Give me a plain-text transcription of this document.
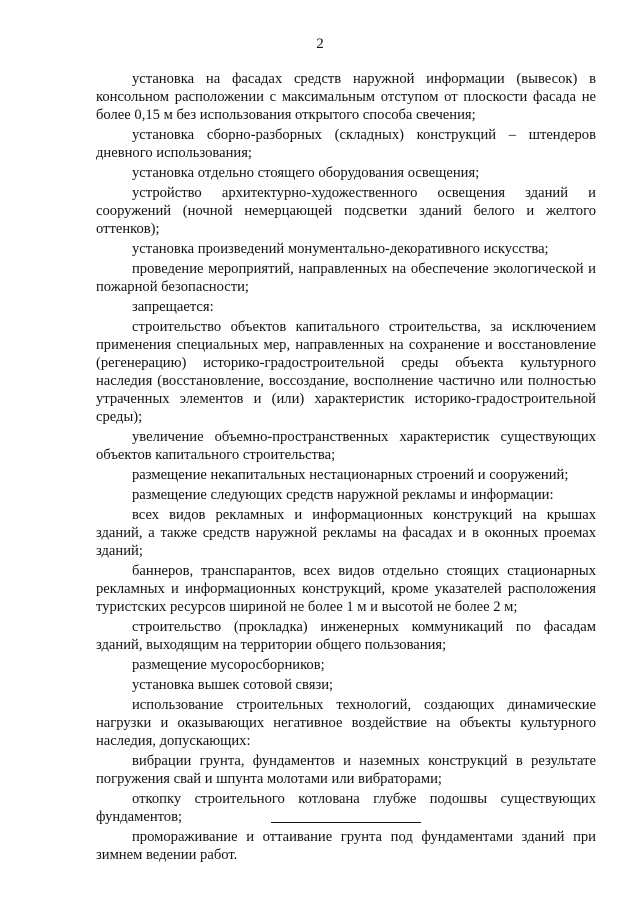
2

установка на фасадах средств наружной информации (вывесок) в консольном расположении с максимальным отступом от плоскости фасада не более 0,15 м без использования открытого способа свечения;

установка сборно-разборных (складных) конструкций – штендеров дневного использования;

установка отдельно стоящего оборудования освещения;

устройство архитектурно-художественного освещения зданий и сооружений (ночной немерцающей подсветки зданий белого и желтого оттенков);

установка произведений монументально-декоративного искусства;

проведение мероприятий, направленных на обеспечение экологической и пожарной безопасности;

запрещается:

строительство объектов капитального строительства, за исключением применения специальных мер, направленных на сохранение и восстановление (регенерацию) историко-градостроительной среды объекта культурного наследия (восстановление, воссоздание, восполнение частично или полностью утраченных элементов и (или) характеристик историко-градостроительной среды);

увеличение объемно-пространственных характеристик существующих объектов капитального строительства;

размещение некапитальных нестационарных строений и сооружений;

размещение следующих средств наружной рекламы и информации:

всех видов рекламных и информационных конструкций на крышах зданий, а также средств наружной рекламы на фасадах и в оконных проемах зданий;

баннеров, транспарантов, всех видов отдельно стоящих стационарных рекламных и информационных конструкций, кроме указателей расположения туристских ресурсов шириной не более 1 м и высотой не более 2 м;

строительство (прокладка) инженерных коммуникаций по фасадам зданий, выходящим на территории общего пользования;

размещение мусоросборников;

установка вышек сотовой связи;

использование строительных технологий, создающих динамические нагрузки и оказывающих негативное воздействие на объекты культурного наследия, допускающих:

вибрации грунта, фундаментов и наземных конструкций в результате погружения свай и шпунта молотами или вибраторами;

откопку строительного котлована глубже подошвы существующих фундаментов;

промораживание и оттаивание грунта под фундаментами зданий при зимнем ведении работ.
